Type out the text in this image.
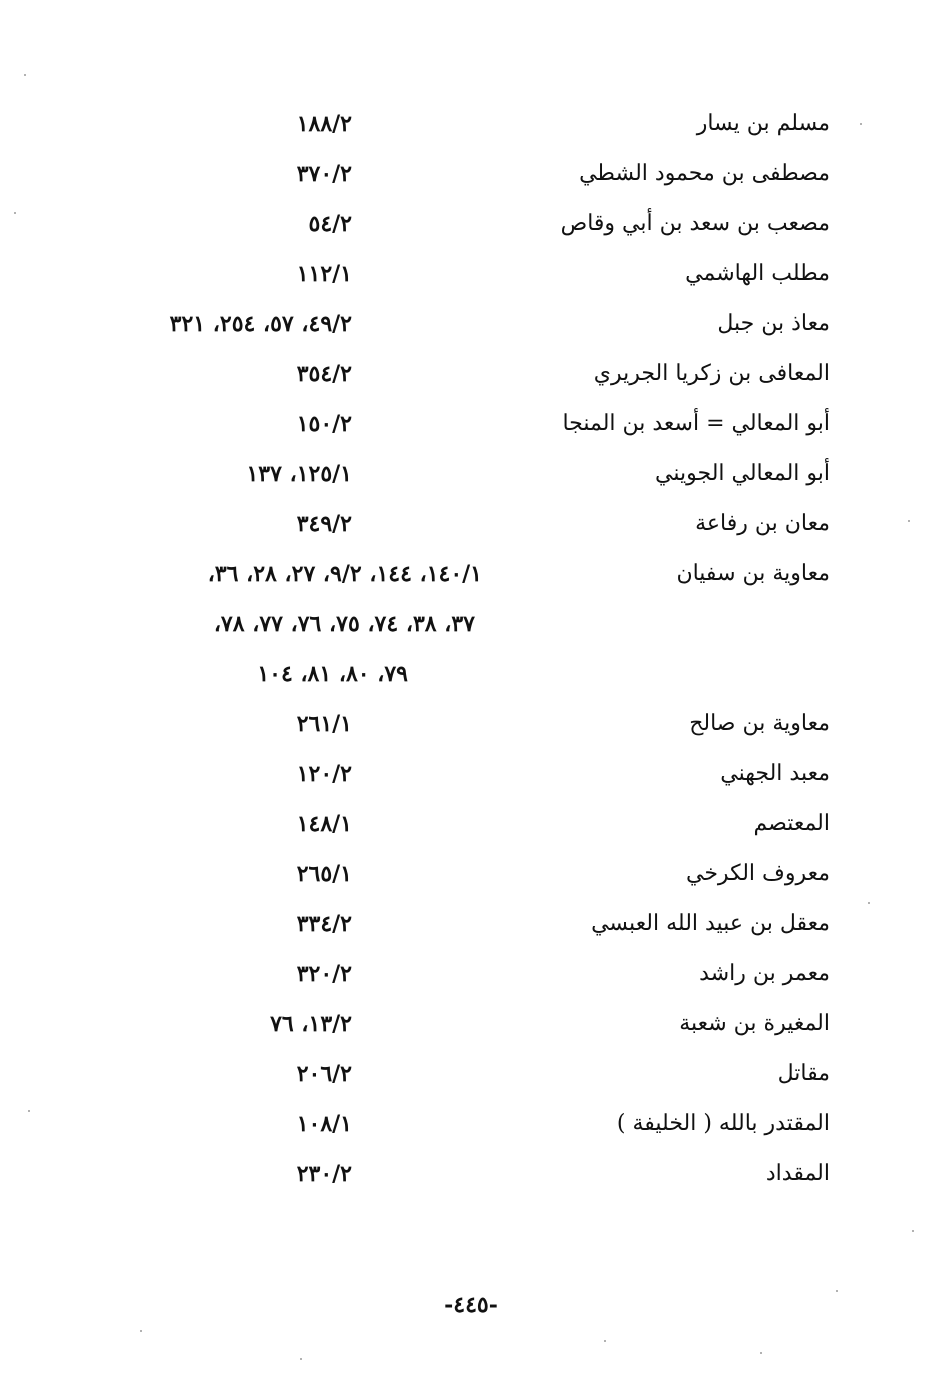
مسلم بن يسار
١٨٨/٢
مصطفى بن محمود الشطي
٣٧٠/٢
مصعب بن سعد بن أبي وقاص
٥٤/٢
مطلب الهاشمي
١١٢/١
معاذ بن جبل
٤٩/٢، ٥٧، ٢٥٤، ٣٢١
المعافى بن زكريا الجريري
٣٥٤/٢
أبو المعالي = أسعد بن المنجا
١٥٠/٢
أبو المعالي الجويني
١٢٥/١، ١٣٧
معان بن رفاعة
٣٤٩/٢
معاوية بن سفيان
١٤٠/١، ١٤٤، ٩/٢، ٢٧، ٢٨، ٣٦،
٣٧، ٣٨، ٧٤، ٧٥، ٧٦، ٧٧، ٧٨،
٧٩، ٨٠، ٨١، ١٠٤
معاوية بن صالح
٢٦١/١
معبد الجهني
١٢٠/٢
المعتصم
١٤٨/١
معروف الكرخي
٢٦٥/١
معقل بن عبيد الله العبسي
٣٣٤/٢
معمر بن راشد
٣٢٠/٢
المغيرة بن شعبة
١٣/٢، ٧٦
مقاتل
٢٠٦/٢
المقتدر بالله ( الخليفة )
١٠٨/١
المقداد
٢٣٠/٢
-٤٤٥-
